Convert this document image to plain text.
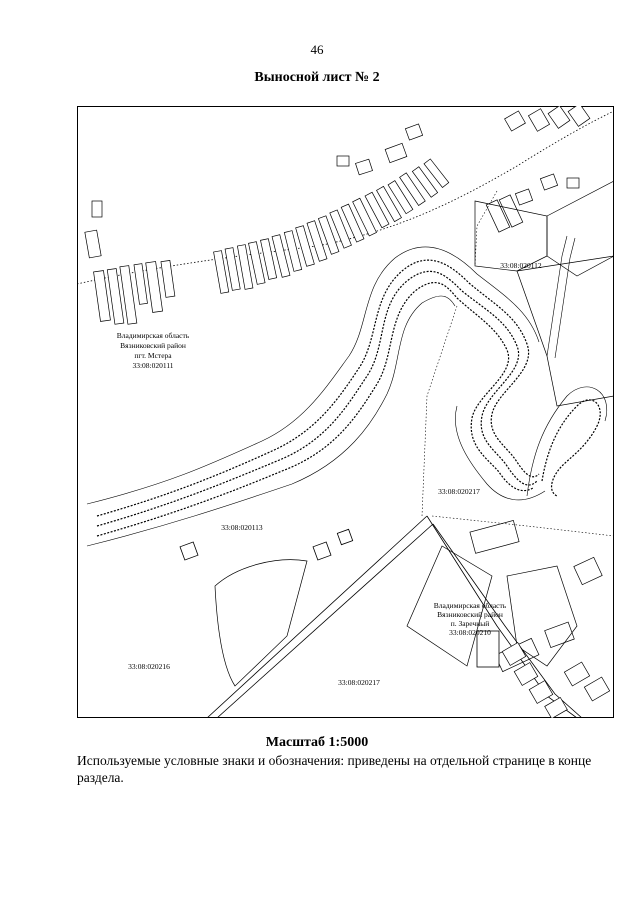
46
Выносной лист № 2
Владимирская область
Вязниковский район
пгт. Мстера
33:08:020111
Владимирская область
Вязниковский район
п. Заречный
33:08:020210
33:08:020112
33:08:020217
33:08:020113
33:08:020216
33:08:020217
Масштаб 1:5000
Используемые условные знаки и обозначения: приведены на отдельной странице в конце раздела.
